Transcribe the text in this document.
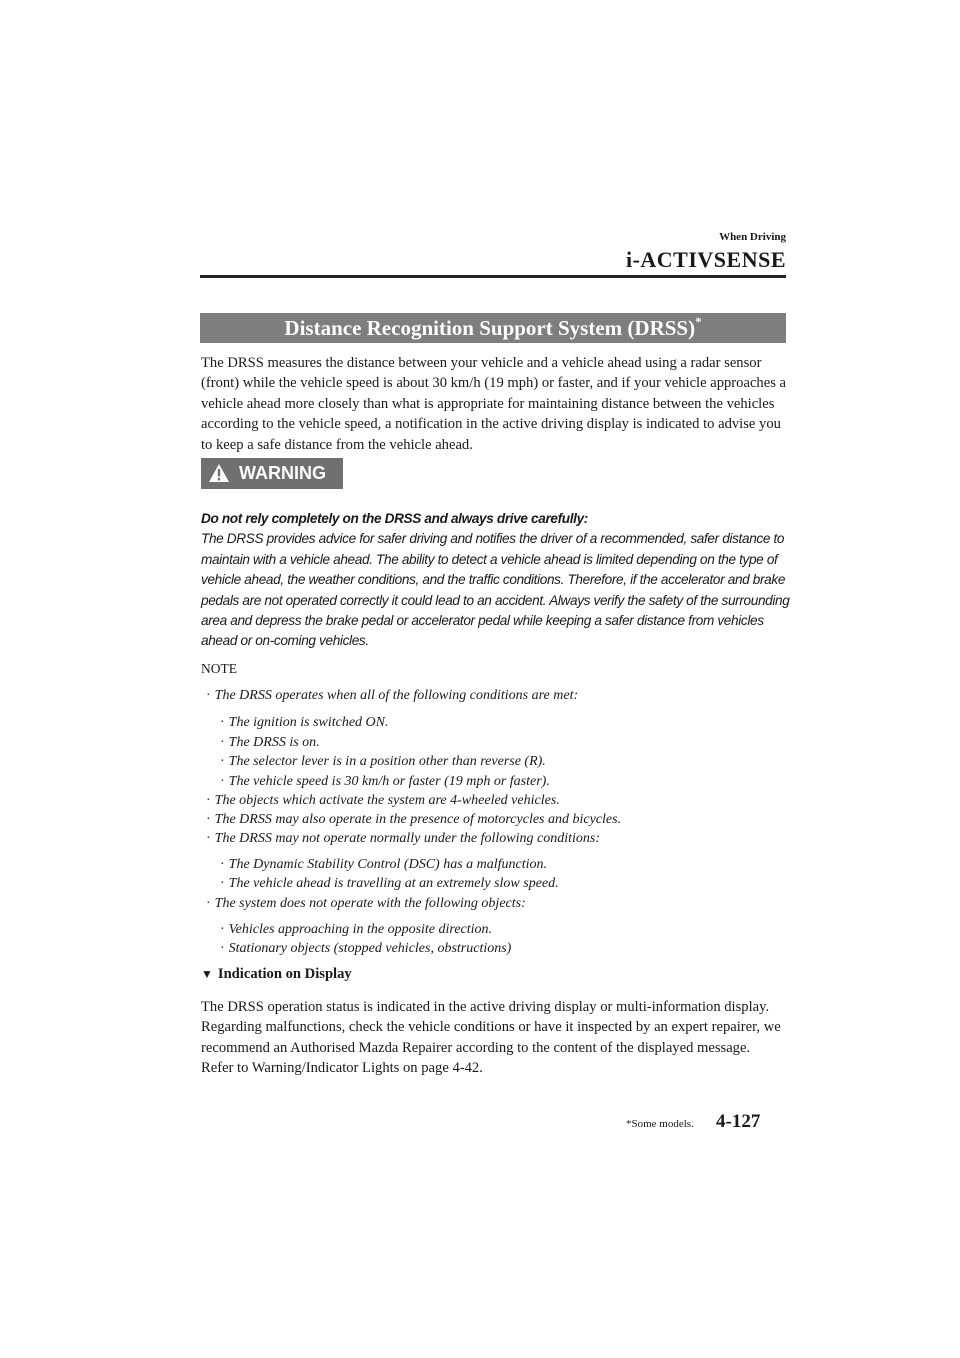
When Driving
i-ACTIVSENSE
Distance Recognition Support System (DRSS)*
The DRSS measures the distance between your vehicle and a vehicle ahead using a radar sensor (front) while the vehicle speed is about 30 km/h (19 mph) or faster, and if your vehicle approaches a vehicle ahead more closely than what is appropriate for maintaining distance between the vehicles according to the vehicle speed, a notification in the active driving display is indicated to advise you to keep a safe distance from the vehicle ahead.
WARNING
Do not rely completely on the DRSS and always drive carefully:
The DRSS provides advice for safer driving and notifies the driver of a recommended, safer distance to maintain with a vehicle ahead. The ability to detect a vehicle ahead is limited depending on the type of vehicle ahead, the weather conditions, and the traffic conditions. Therefore, if the accelerator and brake pedals are not operated correctly it could lead to an accident. Always verify the safety of the surrounding area and depress the brake pedal or accelerator pedal while keeping a safer distance from vehicles ahead or on-coming vehicles.
NOTE
· The DRSS operates when all of the following conditions are met:
· The ignition is switched ON.
· The DRSS is on.
· The selector lever is in a position other than reverse (R).
· The vehicle speed is 30 km/h or faster (19 mph or faster).
· The objects which activate the system are 4-wheeled vehicles.
· The DRSS may also operate in the presence of motorcycles and bicycles.
· The DRSS may not operate normally under the following conditions:
· The Dynamic Stability Control (DSC) has a malfunction.
· The vehicle ahead is travelling at an extremely slow speed.
· The system does not operate with the following objects:
· Vehicles approaching in the opposite direction.
· Stationary objects (stopped vehicles, obstructions)
▼ Indication on Display
The DRSS operation status is indicated in the active driving display or multi-information display. Regarding malfunctions, check the vehicle conditions or have it inspected by an expert repairer, we recommend an Authorised Mazda Repairer according to the content of the displayed message.
Refer to Warning/Indicator Lights on page 4-42.
*Some models. 4-127
